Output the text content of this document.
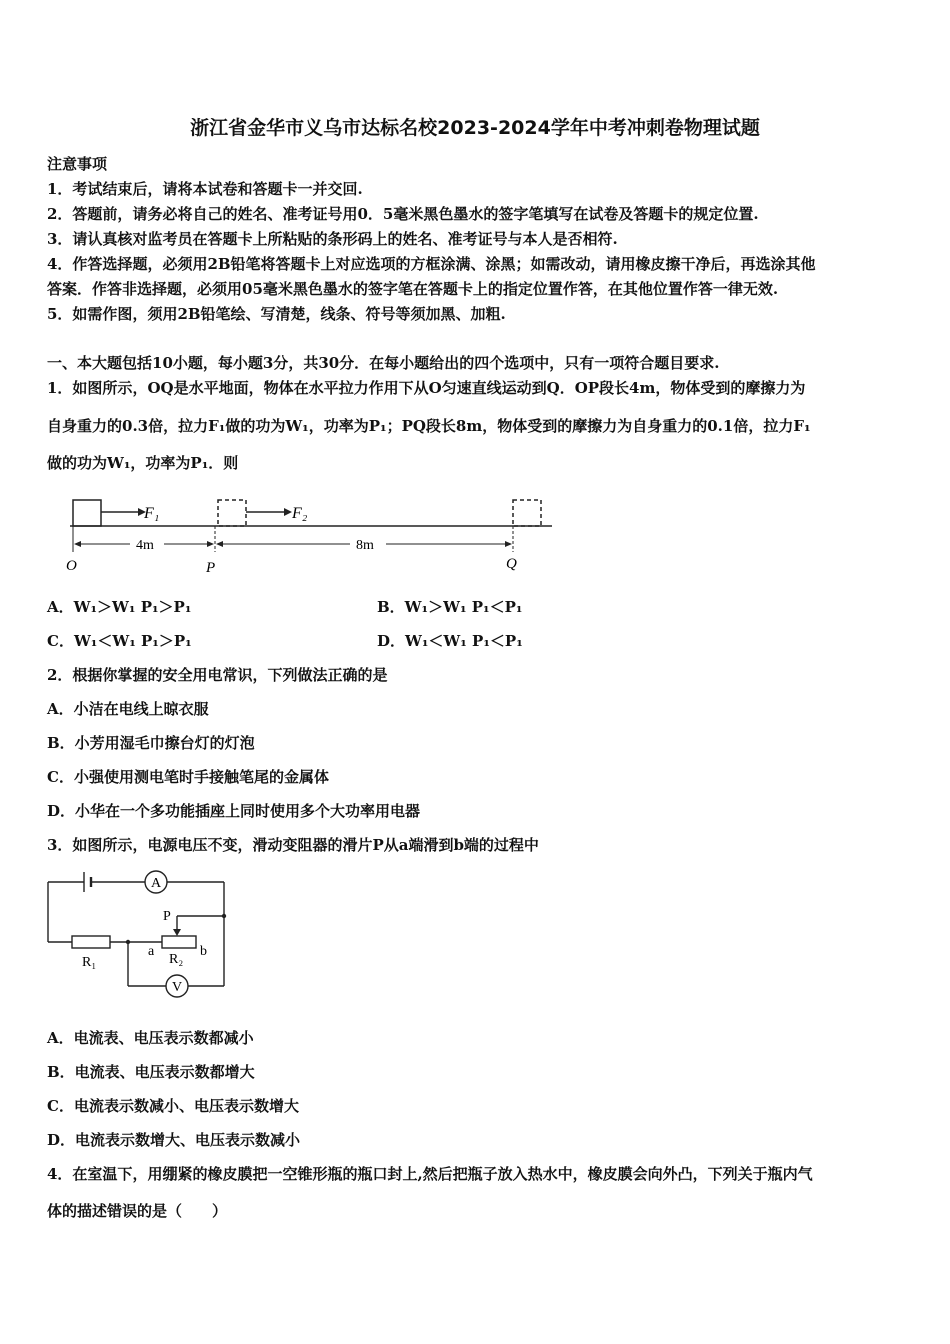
浙江省金华市义乌市达标名校2023-2024学年中考冲刺卷物理试题
注意事项
1．考试结束后，请将本试卷和答题卡一并交回.
2．答题前，请务必将自己的姓名、准考证号用0．5毫米黑色墨水的签字笔填写在试卷及答题卡的规定位置.
3．请认真核对监考员在答题卡上所粘贴的条形码上的姓名、准考证号与本人是否相符.
4．作答选择题，必须用2B铅笔将答题卡上对应选项的方框涂满、涂黑；如需改动，请用橡皮擦干净后，再选涂其他
答案．作答非选择题，必须用05毫米黑色墨水的签字笔在答题卡上的指定位置作答，在其他位置作答一律无效.
5．如需作图，须用2B铅笔绘、写清楚，线条、符号等须加黑、加粗.
一、本大题包括10小题，每小题3分，共30分．在每小题给出的四个选项中，只有一项符合题目要求.
1．如图所示，OQ是水平地面，物体在水平拉力作用下从O匀速直线运动到Q．OP段长4m，物体受到的摩擦力为
自身重力的0.3倍，拉力F₁做的功为W₁，功率为P₁；PQ段长8m，物体受到的摩擦力为自身重力的0.1倍，拉力F₁
做的功为W₁，功率为P₁．则
F₁	F₂
4m	8m
O	P	Q
A．W₁＞W₁ P₁＞P₁	B．W₁＞W₁ P₁＜P₁
C．W₁＜W₁ P₁＞P₁	D．W₁＜W₁ P₁＜P₁
2．根据你掌握的安全用电常识，下列做法正确的是
A．小洁在电线上晾衣服
B．小芳用湿毛巾擦台灯的灯泡
C．小强使用测电笔时手接触笔尾的金属体
D．小华在一个多功能插座上同时使用多个大功率用电器
3．如图所示，电源电压不变，滑动变阻器的滑片P从a端滑到b端的过程中
A
V
P
R₁	R₂
a	b
A．电流表、电压表示数都减小
B．电流表、电压表示数都增大
C．电流表示数减小、电压表示数增大
D．电流表示数增大、电压表示数减小
4．在室温下，用绷紧的橡皮膜把一空锥形瓶的瓶口封上,然后把瓶子放入热水中，橡皮膜会向外凸，下列关于瓶内气
体的描述错误的是（　　）
